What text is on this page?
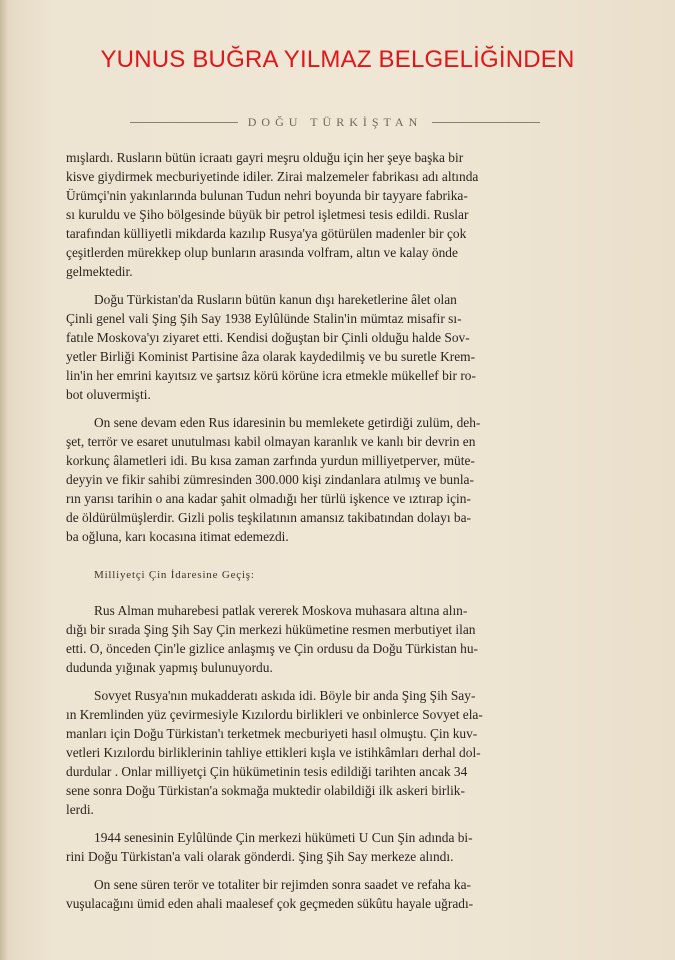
YUNUS BUĞRA YILMAZ BELGELİĞİNDEN
DOĞU TÜRKİŞTAN
mışlardı. Rusların bütün icraatı gayri meşru olduğu için her şeye başka bir
kisve giydirmek mecburiyetinde idiler. Zirai malzemeler fabrikası adı altında
Ürümçi'nin yakınlarında bulunan Tudun nehri boyunda bir tayyare fabrika-
sı kuruldu ve Şiho bölgesinde büyük bir petrol işletmesi tesis edildi. Ruslar
tarafından külliyetli mikdarda kazılıp Rusya'ya götürülen madenler bir çok
çeşitlerden mürekkep olup bunların arasında volfram, altın ve kalay önde
gelmektedir.
Doğu Türkistan'da Rusların bütün kanun dışı hareketlerine âlet olan
Çinli genel vali Şing Şih Say 1938 Eylûlünde Stalin'in mümtaz misafir sı-
fatıle Moskova'yı ziyaret etti. Kendisi doğuştan bir Çinli olduğu halde Sov-
yetler Birliği Kominist Partisine âza olarak kaydedilmiş ve bu suretle Krem-
lin'in her emrini kayıtsız ve şartsız körü körüne icra etmekle mükellef bir ro-
bot oluvermişti.
On sene devam eden Rus idaresinin bu memlekete getirdiği zulüm, deh-
şet, terrör ve esaret unutulması kabil olmayan karanlık ve kanlı bir devrin en
korkunç âlametleri idi. Bu kısa zaman zarfında yurdun milliyetperver, müte-
deyyin ve fikir sahibi zümresinden 300.000 kişi zindanlara atılmış ve bunla-
rın yarısı tarihin o ana kadar şahit olmadığı her türlü işkence ve ıztırap için-
de öldürülmüşlerdir. Gizli polis teşkilatının amansız takibatından dolayı ba-
ba oğluna, karı kocasına itimat edemezdi.
Milliyetçi Çin İdaresine Geçiş:
Rus Alman muharebesi patlak vererek Moskova muhasara altına alın-
dığı bir sırada Şing Şih Say Çin merkezi hükümetine resmen merbutiyet ilan
etti. O, önceden Çin'le gizlice anlaşmış ve Çin ordusu da Doğu Türkistan hu-
dudunda yığınak yapmış bulunuyordu.
Sovyet Rusya'nın mukadderatı askıda idi. Böyle bir anda Şing Şih Say-
ın Kremlinden yüz çevirmesiyle Kızılordu birlikleri ve onbinlerce Sovyet ela-
manları için Doğu Türkistan'ı terketmek mecburiyeti hasıl olmuştu. Çin kuv-
vetleri Kızılordu birliklerinin tahliye ettikleri kışla ve istihkâmları derhal dol-
durdular . Onlar milliyetçi Çin hükümetinin tesis edildiği tarihten ancak 34
sene sonra Doğu Türkistan'a sokmağa muktedir olabildiği ilk askeri birlik-
lerdi.
1944 senesinin Eylûlünde Çin merkezi hükümeti U Cun Şin adında bi-
rini Doğu Türkistan'a vali olarak gönderdi. Şing Şih Say merkeze alındı.
On sene süren terör ve totaliter bir rejimden sonra saadet ve refaha ka-
vuşulacağını ümid eden ahali maalesef çok geçmeden sükûtu hayale uğradı-
